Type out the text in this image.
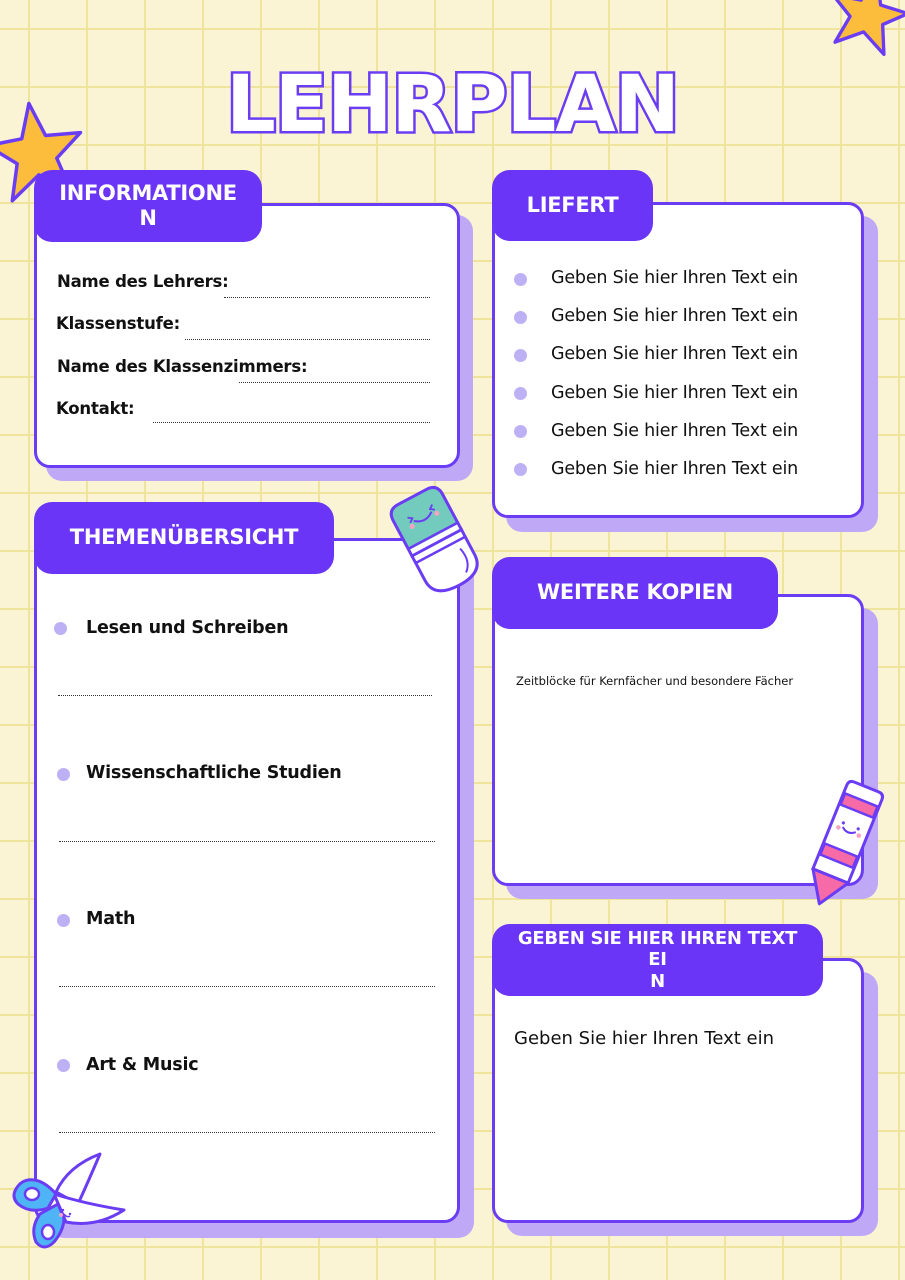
LEHRPLAN
INFORMATIONE
N
Name des Lehrers:
Klassenstufe:
Name des Klassenzimmers:
Kontakt:
LIEFERT
Geben Sie hier Ihren Text ein
Geben Sie hier Ihren Text ein
Geben Sie hier Ihren Text ein
Geben Sie hier Ihren Text ein
Geben Sie hier Ihren Text ein
Geben Sie hier Ihren Text ein
THEMENÜBERSICHT
Lesen und Schreiben
Wissenschaftliche Studien
Math
Art & Music
WEITERE KOPIEN
Zeitblöcke für Kernfächer und besondere Fächer
GEBEN SIE HIER IHREN TEXT EI
N
Geben Sie hier Ihren Text ein
